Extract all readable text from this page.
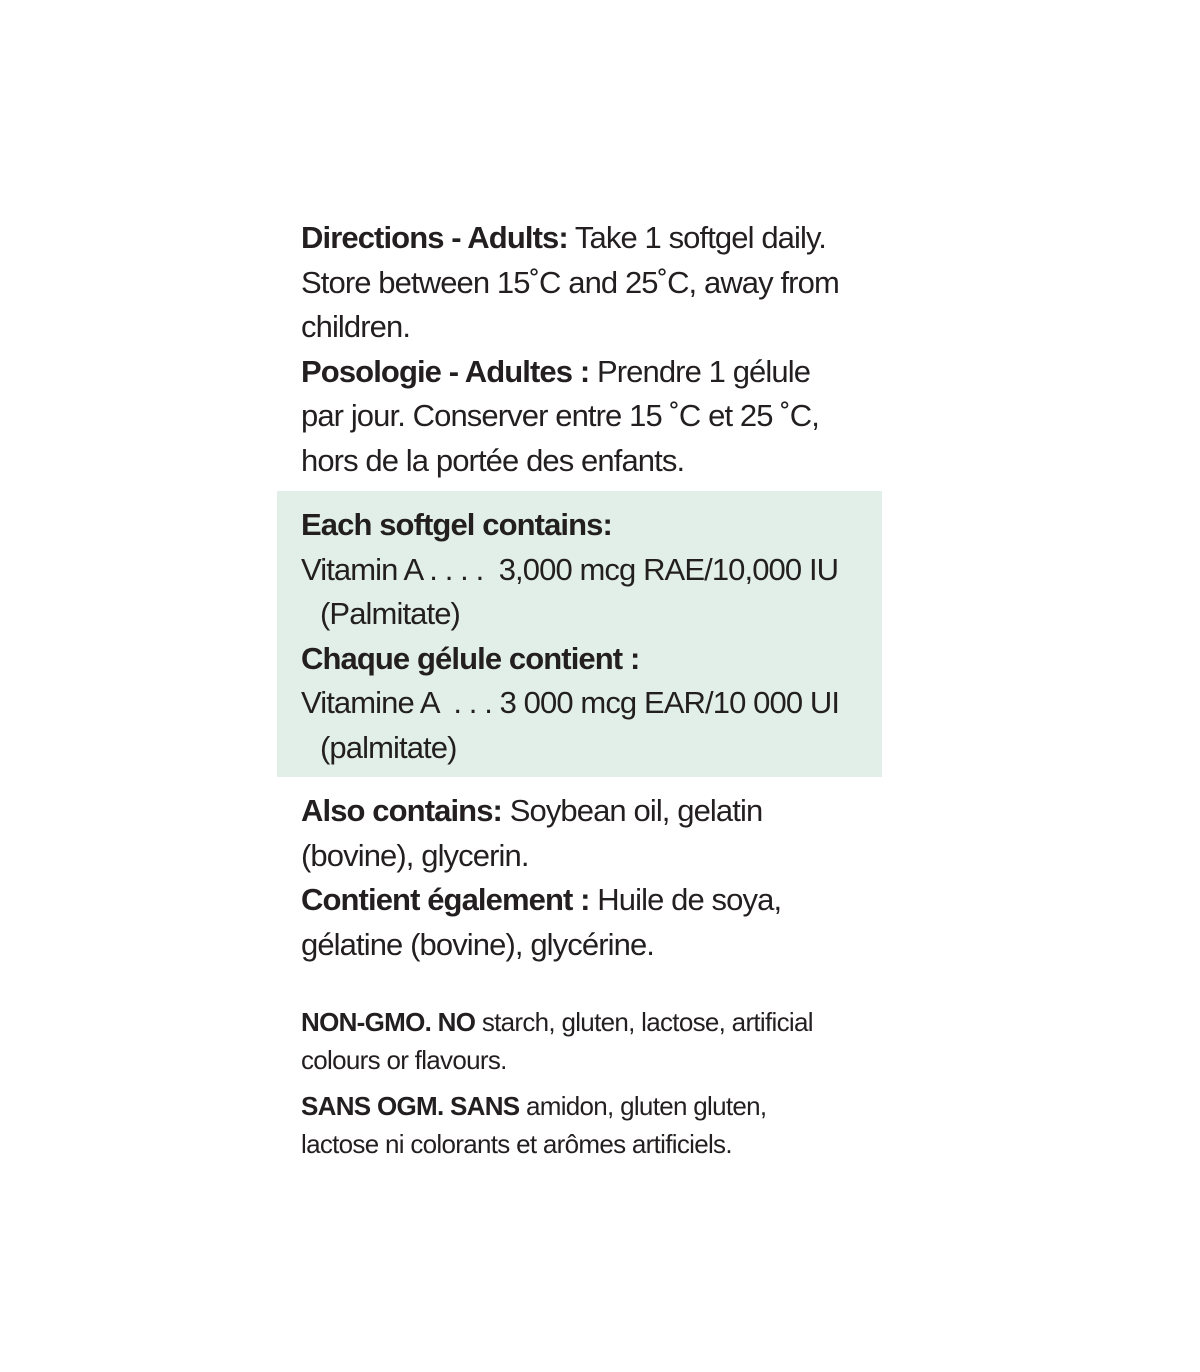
Directions - Adults: Take 1 softgel daily.
Store between 15˚C and 25˚C, away from
children.
Posologie - Adultes : Prendre 1 gélule
par jour. Conserver entre 15 ˚C et 25 ˚C,
hors de la portée des enfants.
Each softgel contains:
Vitamin A . . . .  3,000 mcg RAE/10,000 IU
(Palmitate)
Chaque gélule contient :
Vitamine A  . . . 3 000 mcg EAR/10 000 UI
(palmitate)
Also contains: Soybean oil, gelatin
(bovine), glycerin.
Contient également : Huile de soya,
gélatine (bovine), glycérine.
NON-GMO. NO starch, gluten, lactose, artificial
colours or flavours.
SANS OGM. SANS amidon, gluten gluten,
lactose ni colorants et arômes artificiels.
